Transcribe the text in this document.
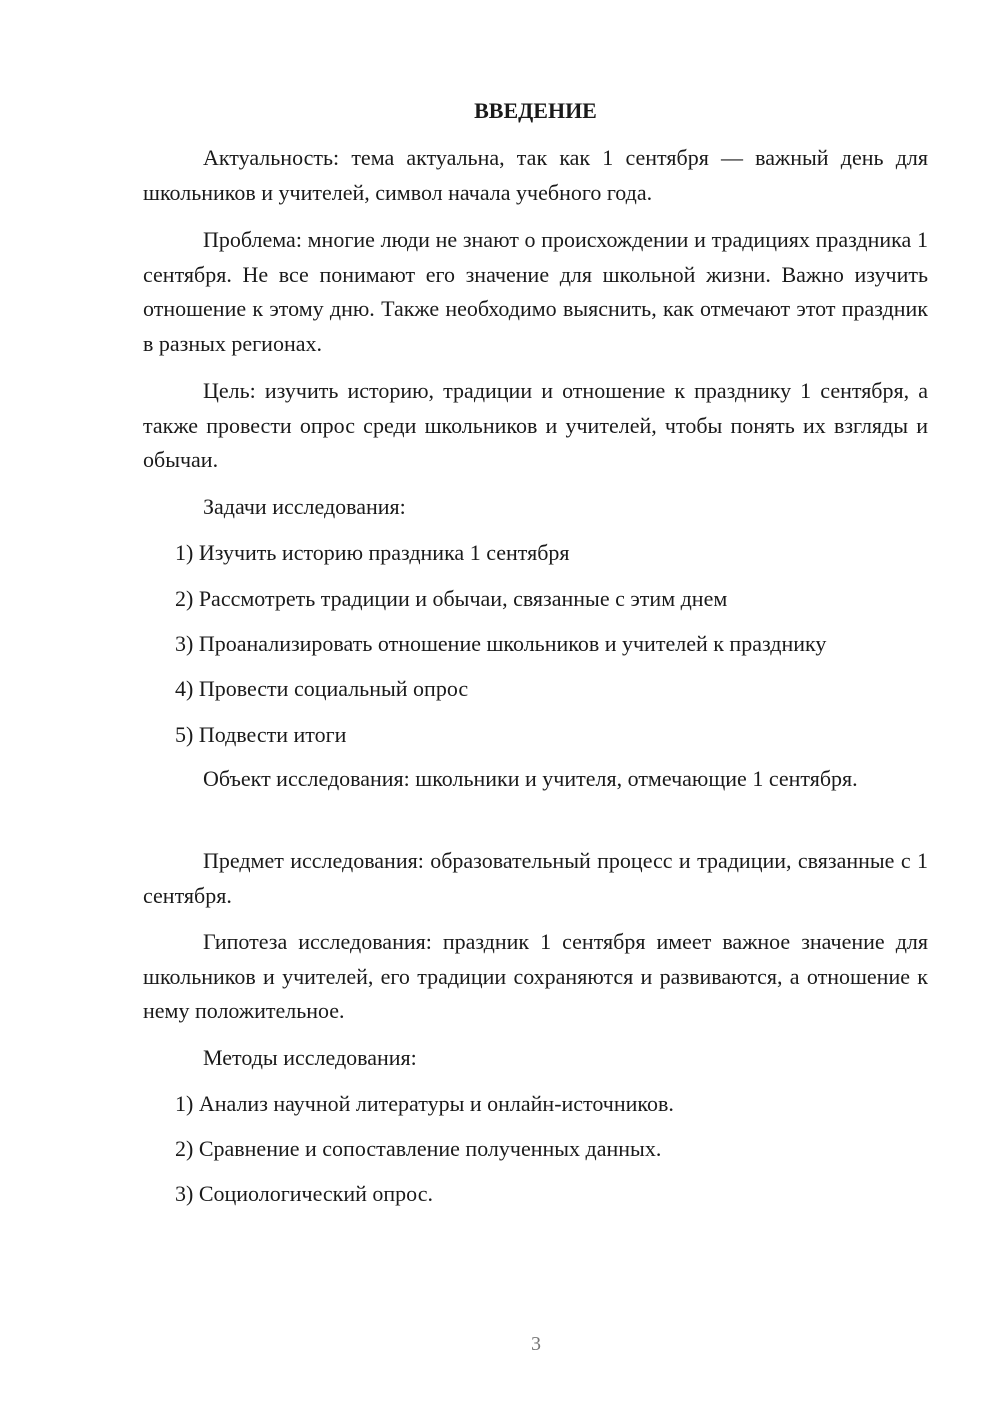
ВВЕДЕНИЕ

Актуальность: тема актуальна, так как 1 сентября — важный день для школьников и учителей, символ начала учебного года.

Проблема: многие люди не знают о происхождении и традициях праздника 1 сентября. Не все понимают его значение для школьной жизни. Важно изучить отношение к этому дню. Также необходимо выяснить, как отмечают этот праздник в разных регионах.

Цель: изучить историю, традиции и отношение к празднику 1 сентября, а также провести опрос среди школьников и учителей, чтобы понять их взгляды и обычаи.

Задачи исследования:

1) Изучить историю праздника 1 сентября

2) Рассмотреть традиции и обычаи, связанные с этим днем

3) Проанализировать отношение школьников и учителей к празднику

4) Провести социальный опрос

5) Подвести итоги

Объект исследования: школьники и учителя, отмечающие 1 сентября.

Предмет исследования: образовательный процесс и традиции, связанные с 1 сентября.

Гипотеза исследования: праздник 1 сентября имеет важное значение для школьников и учителей, его традиции сохраняются и развиваются, а отношение к нему положительное.

Методы исследования:

1) Анализ научной литературы и онлайн-источников.

2) Сравнение и сопоставление полученных данных.

3) Социологический опрос.

3
